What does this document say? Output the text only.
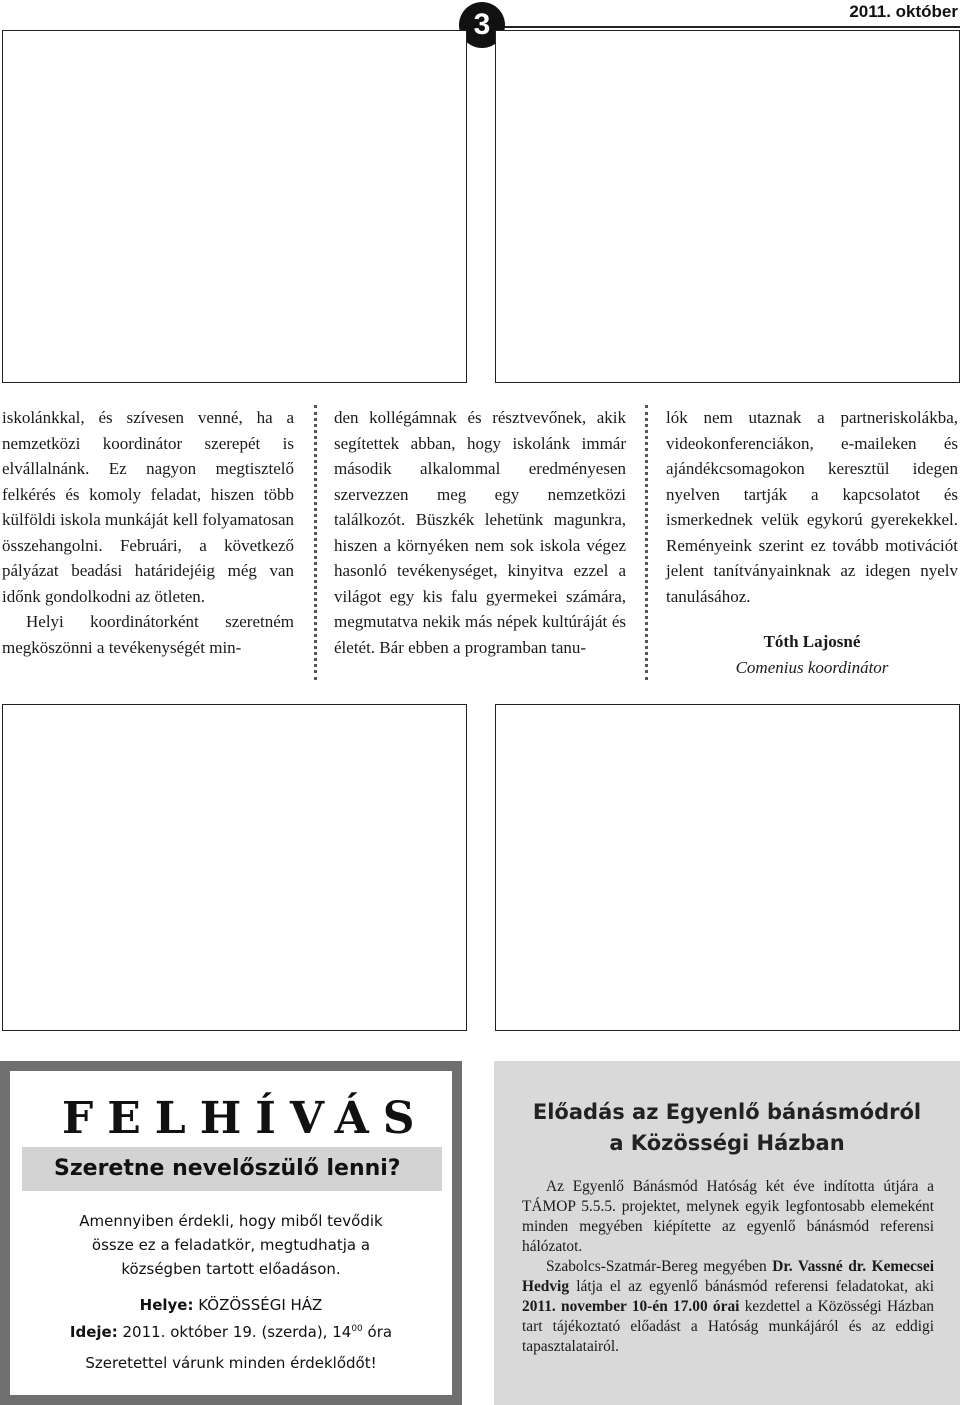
3	2011. október

iskolánkkal, és szívesen venné, ha a nemzetközi koordinátor szerepét is elvállalnánk. Ez nagyon megtisztelő felkérés és komoly feladat, hiszen több külföldi iskola munkáját kell folyamatosan összehangolni. Februári, a következő pályázat beadási határidejéig még van időnk gondolkodni az ötleten.

Helyi koordinátorként szeretném megköszönni a tevékenységét min-

den kollégámnak és résztvevőnek, akik segítettek abban, hogy iskolánk immár második alkalommal eredményesen szervezzen meg egy nemzetközi találkozót. Büszkék lehetünk magunkra, hiszen a környéken nem sok iskola végez hasonló tevékenységet, kinyitva ezzel a világot egy kis falu gyermekei számára, megmutatva nekik más népek kultúráját és életét. Bár ebben a programban tanu-

lók nem utaznak a partneriskolákba, videokonferenciákon, e-maileken és ajándékcsomagokon keresztül idegen nyelven tartják a kapcsolatot és ismerkednek velük egykorú gyerekekkel. Reményeink szerint ez tovább motivációt jelent tanítványainknak az idegen nyelv tanulásához.

Tóth Lajosné

Comenius koordinátor

FELHÍVÁS
Szeretne nevelőszülő lenni?
Amennyiben érdekli, hogy miből tevődik össze ez a feladatkör, megtudhatja a községben tartott előadáson.
Helye: KÖZÖSSÉGI HÁZ
Ideje: 2011. október 19. (szerda), $14^{00}$ óra
Szeretettel várunk minden érdeklődőt!
Előadás az Egyenlő bánásmódról
a Közösségi Házban

Az Egyenlő Bánásmód Hatóság két éve indította útjára a TÁMOP 5.5.5. projektet, melynek egyik legfontosabb elemeként minden megyében kiépítette az egyenlő bánásmód referensi hálózatot.

Szabolcs-Szatmár-Bereg megyében Dr. Vassné dr. Kemecsei Hedvig látja el az egyenlő bánásmód referensi feladatokat, aki 2011. november 10-én 17.00 órai kezdettel a Közösségi Házban tart tájékoztató előadást a Hatóság munkájáról és az eddigi tapasztalatairól.
